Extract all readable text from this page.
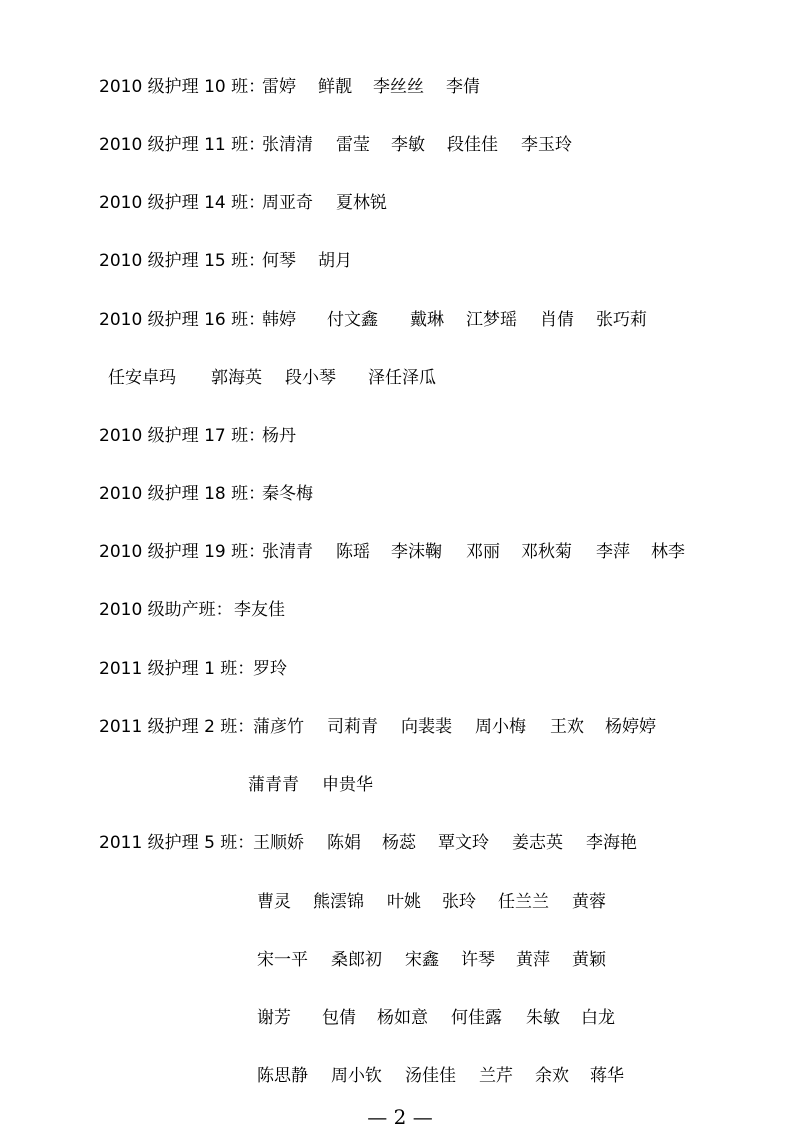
2010 级护理 10 班：
雷婷 鲜靓 李丝丝 李倩
2010 级护理 11 班：
张清清 雷莹 李敏 段佳佳 李玉玲
2010 级护理 14 班：
周亚奇 夏林锐
2010 级护理 15 班：
何琴 胡月
2010 级护理 16 班：
韩婷 付文鑫 戴琳 江梦瑶 肖倩 张巧莉
任安卓玛 郭海英 段小琴 泽任泽瓜
2010 级护理 17 班：
杨丹
2010 级护理 18 班：
秦冬梅
2010 级护理 19 班：
张清青 陈瑶 李沫鞠 邓丽 邓秋菊 李萍 林李
2010 级助产班： 李友佳
2011 级护理 1 班：
罗玲
2011 级护理 2 班：
蒲彦竹 司莉青 向裴裴 周小梅 王欢 杨婷婷
蒲青青 申贵华
2011 级护理 5 班：
王顺娇 陈娟 杨蕊 覃文玲 姜志英 李海艳
曹灵 熊澐锦 叶姚 张玲 任兰兰 黄蓉
宋一平 桑郎初 宋鑫 许琴 黄萍 黄颖
谢芳 包倩 杨如意 何佳露 朱敏 白龙
陈思静 周小钦 汤佳佳 兰芹 余欢 蒋华
— 2 —
